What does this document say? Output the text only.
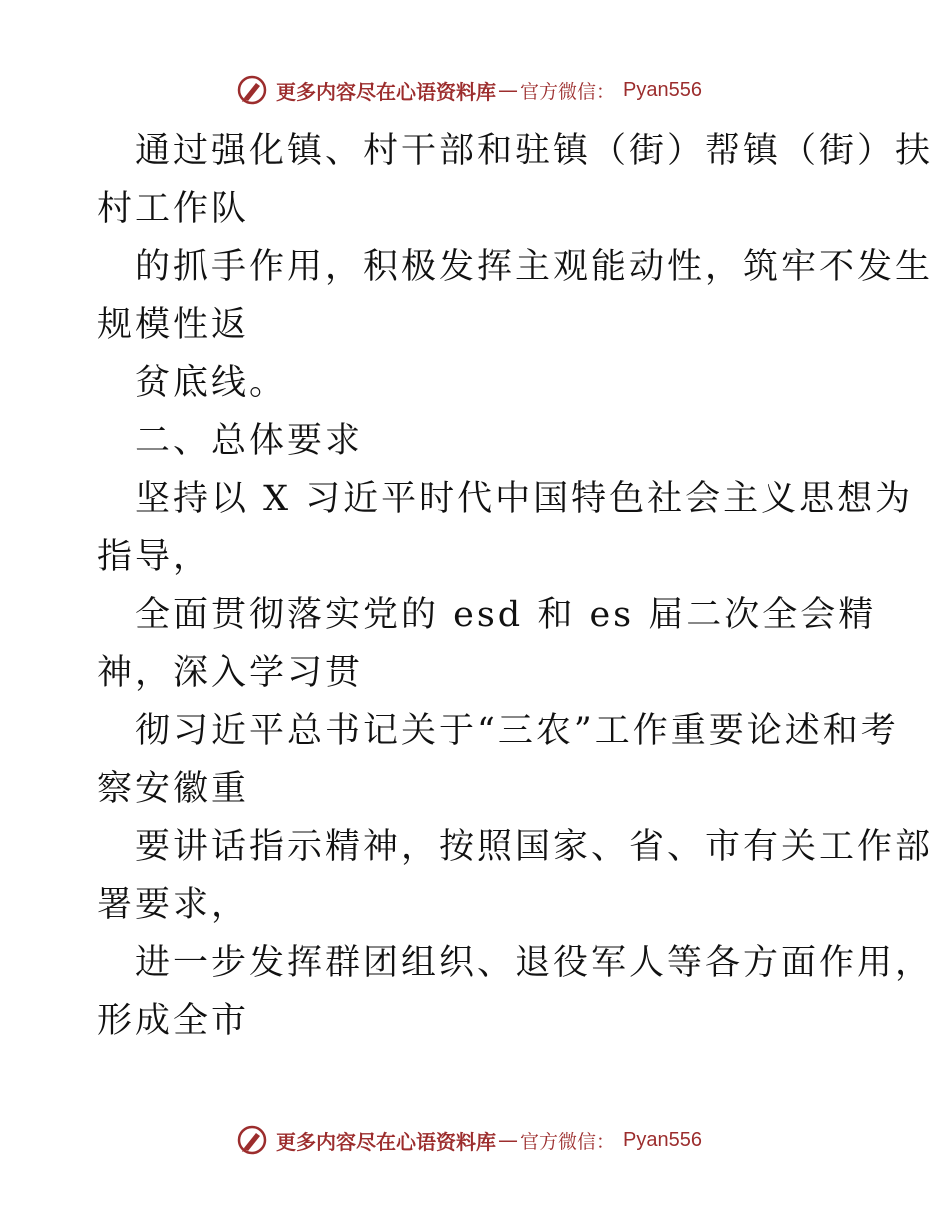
更多内容尽在心语资料库 — 官方微信： Pyan556
通过强化镇、村干部和驻镇（街）帮镇（街）扶
村工作队
的抓手作用，积极发挥主观能动性，筑牢不发生
规模性返
贫底线。
二、总体要求
坚持以 X 习近平时代中国特色社会主义思想为
指导，
全面贯彻落实党的 esd 和 es 届二次全会精
神，深入学习贯
彻习近平总书记关于“三农”工作重要论述和考
察安徽重
要讲话指示精神，按照国家、省、市有关工作部
署要求，
进一步发挥群团组织、退役军人等各方面作用，
形成全市
更多内容尽在心语资料库 — 官方微信： Pyan556
